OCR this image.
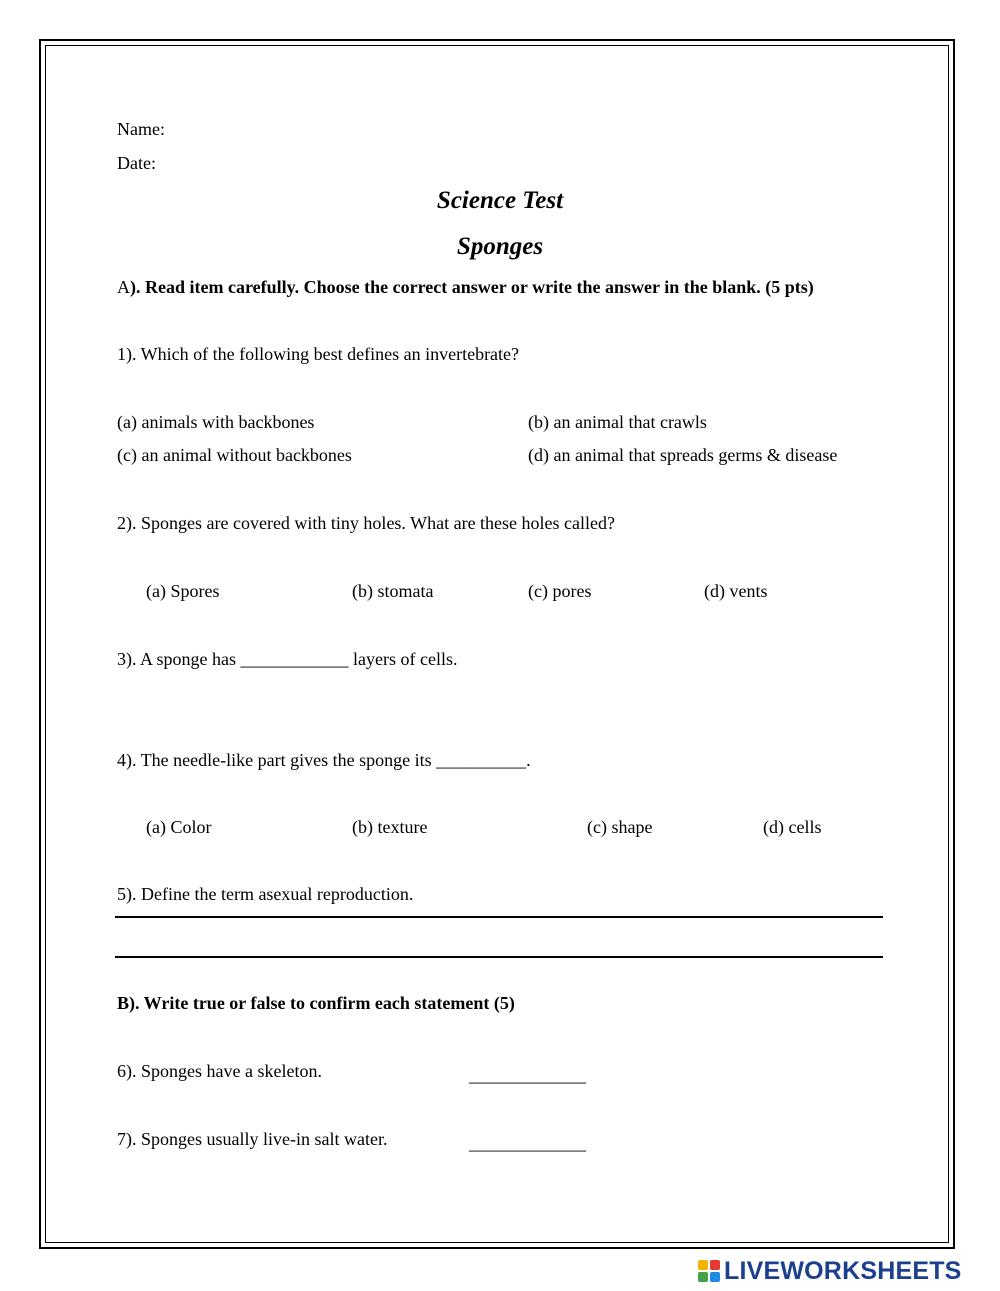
Name:
Date:
Science Test
Sponges
A). Read item carefully. Choose the correct answer or write the answer in the blank. (5 pts)
1). Which of the following best defines an invertebrate?
(a) animals with backbones	(b) an animal that crawls
(c) an animal without backbones	(d) an animal that spreads germs & disease
2). Sponges are covered with tiny holes. What are these holes called?
(a) Spores	(b) stomata	(c) pores	(d) vents
3). A sponge has ____________ layers of cells.
4). The needle-like part gives the sponge its __________.
(a) Color	(b) texture	(c) shape	(d) cells
5). Define the term asexual reproduction.
B). Write true or false to confirm each statement (5)
6). Sponges have a skeleton.	_____________
7). Sponges usually live-in salt water.	_____________
LIVEWORKSHEETS
